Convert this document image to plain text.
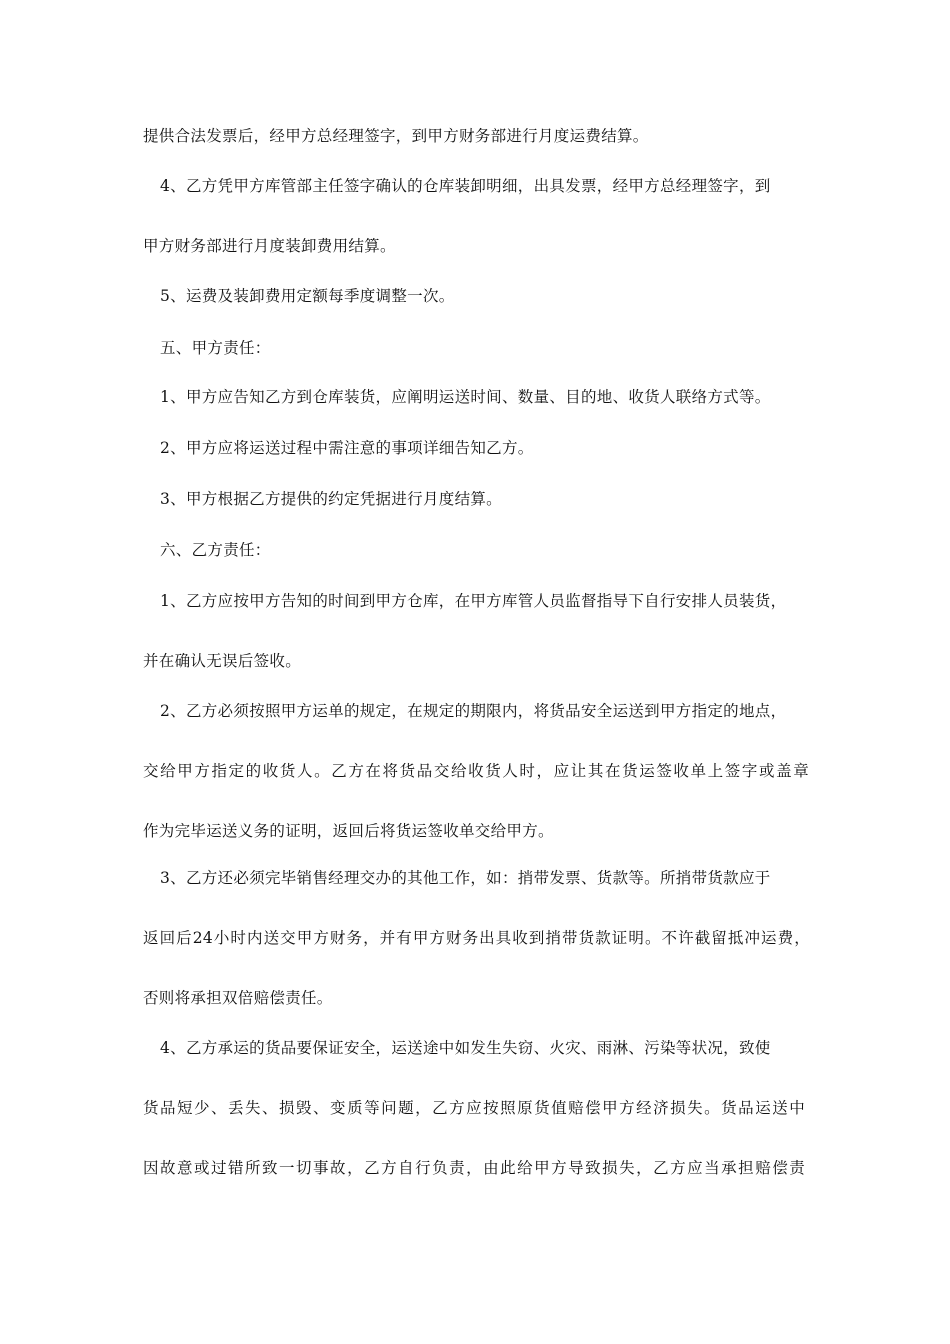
提供合法发票后，经甲方总经理签字，到甲方财务部进行月度运费结算。
4、乙方凭甲方库管部主任签字确认的仓库装卸明细，出具发票，经甲方总经理签字，到
甲方财务部进行月度装卸费用结算。
5、运费及装卸费用定额每季度调整一次。
五、甲方责任：
1、甲方应告知乙方到仓库装货，应阐明运送时间、数量、目的地、收货人联络方式等。
2、甲方应将运送过程中需注意的事项详细告知乙方。
3、甲方根据乙方提供的约定凭据进行月度结算。
六、乙方责任：
1、乙方应按甲方告知的时间到甲方仓库，在甲方库管人员监督指导下自行安排人员装货，
并在确认无误后签收。
2、乙方必须按照甲方运单的规定，在规定的期限内，将货品安全运送到甲方指定的地点，
交给甲方指定的收货人。乙方在将货品交给收货人时，应让其在货运签收单上签字或盖章
作为完毕运送义务的证明，返回后将货运签收单交给甲方。
3、乙方还必须完毕销售经理交办的其他工作，如：捎带发票、货款等。所捎带货款应于
返回后24小时内送交甲方财务，并有甲方财务出具收到捎带货款证明。不许截留抵冲运费，
否则将承担双倍赔偿责任。
4、乙方承运的货品要保证安全，运送途中如发生失窃、火灾、雨淋、污染等状况，致使
货品短少、丢失、损毁、变质等问题，乙方应按照原货值赔偿甲方经济损失。货品运送中
因故意或过错所致一切事故，乙方自行负责，由此给甲方导致损失，乙方应当承担赔偿责
